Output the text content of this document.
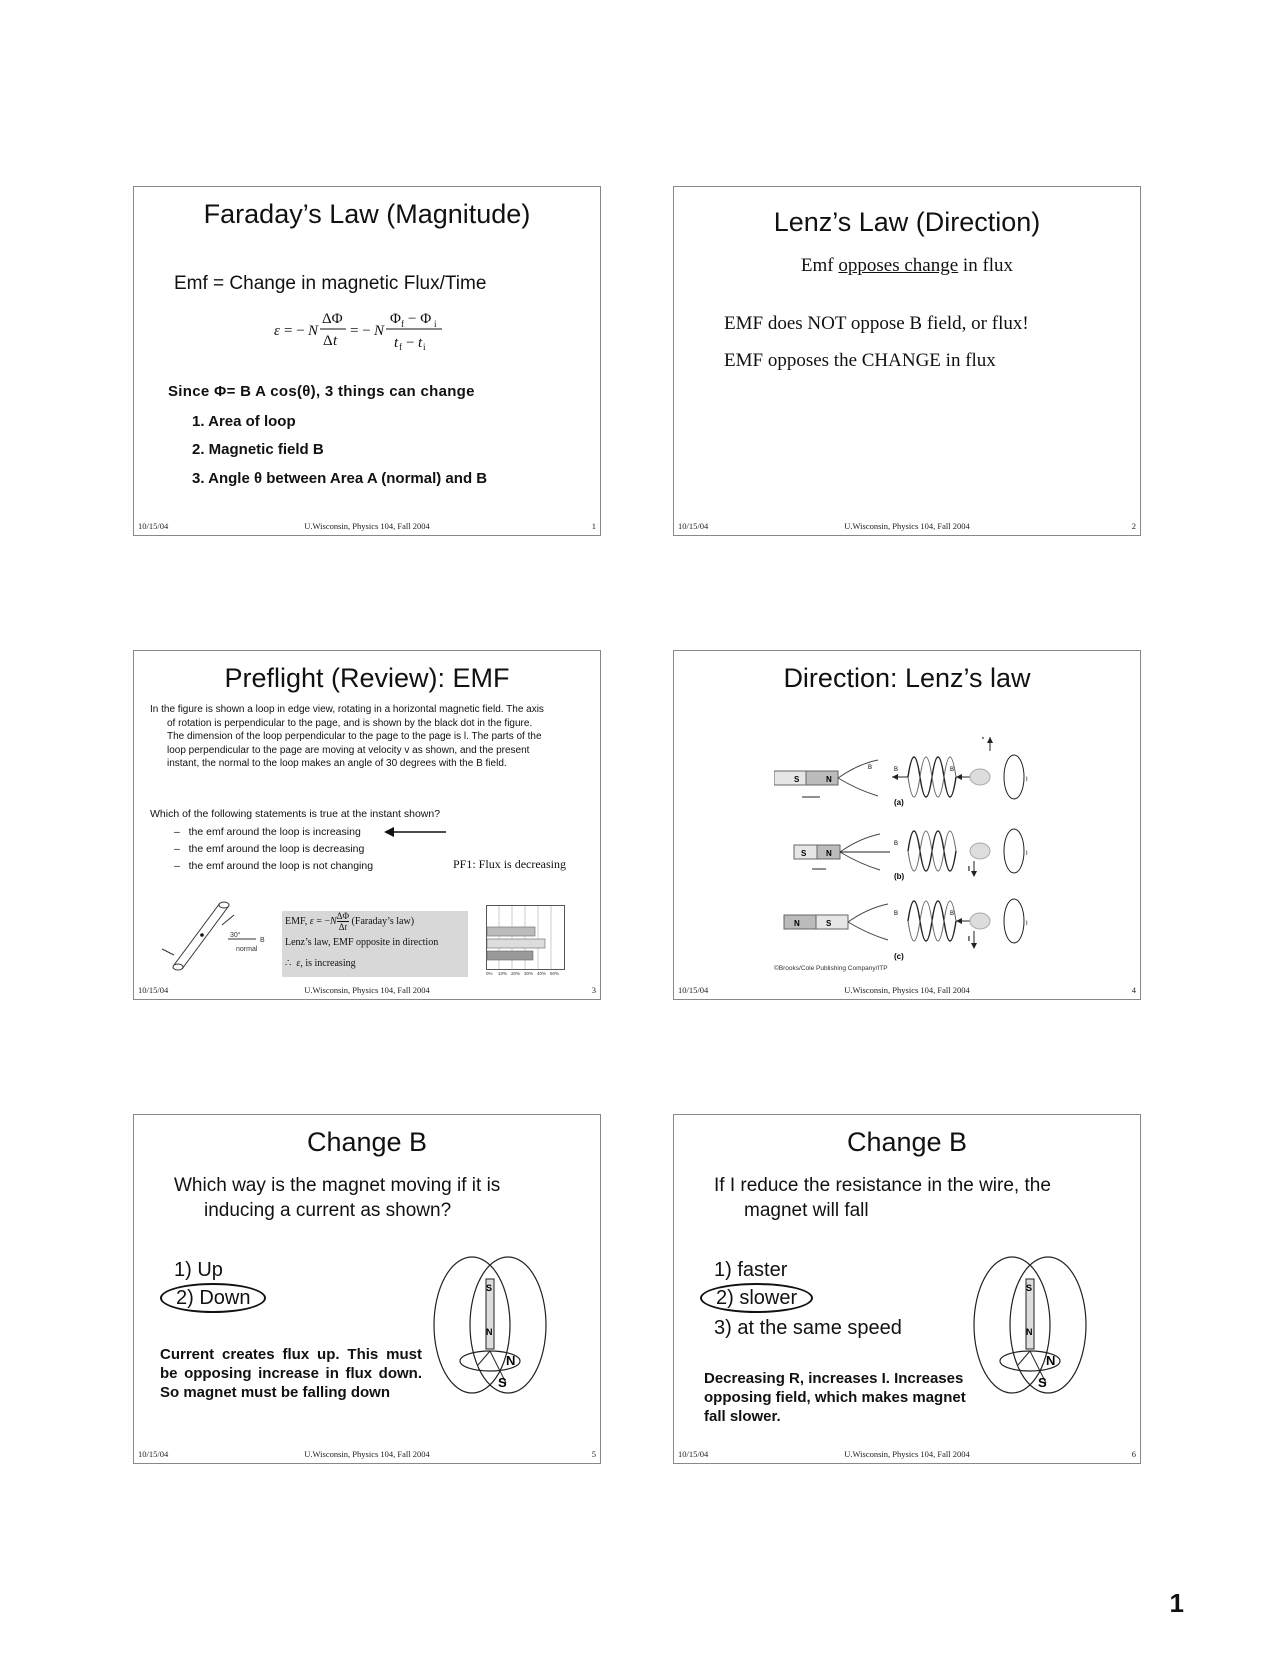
Faraday’s Law (Magnitude)
Emf = Change in magnetic Flux/Time
ε = − N
ΔΦ
Δ t
= − N
Φ f − Φ i
t f − t i
Since Φ= B A cos(θ), 3 things can change
1. Area of loop
2. Magnetic field B
3. Angle θ between Area A (normal) and B
10/15/04	U.Wisconsin, Physics 104, Fall 2004	1
Lenz’s Law (Direction)
Emf opposes change in flux
EMF does NOT oppose B field, or flux!
EMF opposes the CHANGE in flux
10/15/04	U.Wisconsin, Physics 104, Fall 2004	2
Preflight (Review): EMF
In the figure is shown a loop in edge view, rotating in a horizontal magnetic field. The axis of rotation is perpendicular to the page, and is shown by the black dot in the figure. The dimension of the loop perpendicular to the page to the page is l. The parts of the loop perpendicular to the page are moving at velocity v as shown, and the present instant, the normal to the loop makes an angle of 30 degrees with the B field.
Which of the following statements is true at the instant shown?
–   the emf around the loop is increasing
–   the emf around the loop is decreasing
–   the emf around the loop is not changing	PF1: Flux is decreasing
30°
normal
B
EMF, $\varepsilon = -N \frac{\Delta\Phi}{\Delta t}$ (Faraday’s law)
Lenz’s law, EMF opposite in direction
∴  ε, is increasing
0% 10% 20% 30% 40% 50%
10/15/04	U.Wisconsin, Physics 104, Fall 2004	3
Direction: Lenz’s law
S	N
I
B
B	B
I
(a)
S N
I
B
I
(b)
N	S
I
B	B
I
(c)
©Brooks/Cole Publishing Company/ITP
10/15/04	U.Wisconsin, Physics 104, Fall 2004	4
Change B
Which way is the magnet moving if it is
inducing a current as shown?
1) Up
2) Down
Current creates flux up. This must be opposing increase in flux down. So magnet must be falling down
S
N
N
S
10/15/04	U.Wisconsin, Physics 104, Fall 2004	5
Change B
If I reduce the resistance in the wire, the
magnet will fall
1) faster
2) slower
3) at the same speed
Decreasing R, increases I. Increases opposing field, which makes magnet fall slower.
S
N
N
S
10/15/04	U.Wisconsin, Physics 104, Fall 2004	6
1
